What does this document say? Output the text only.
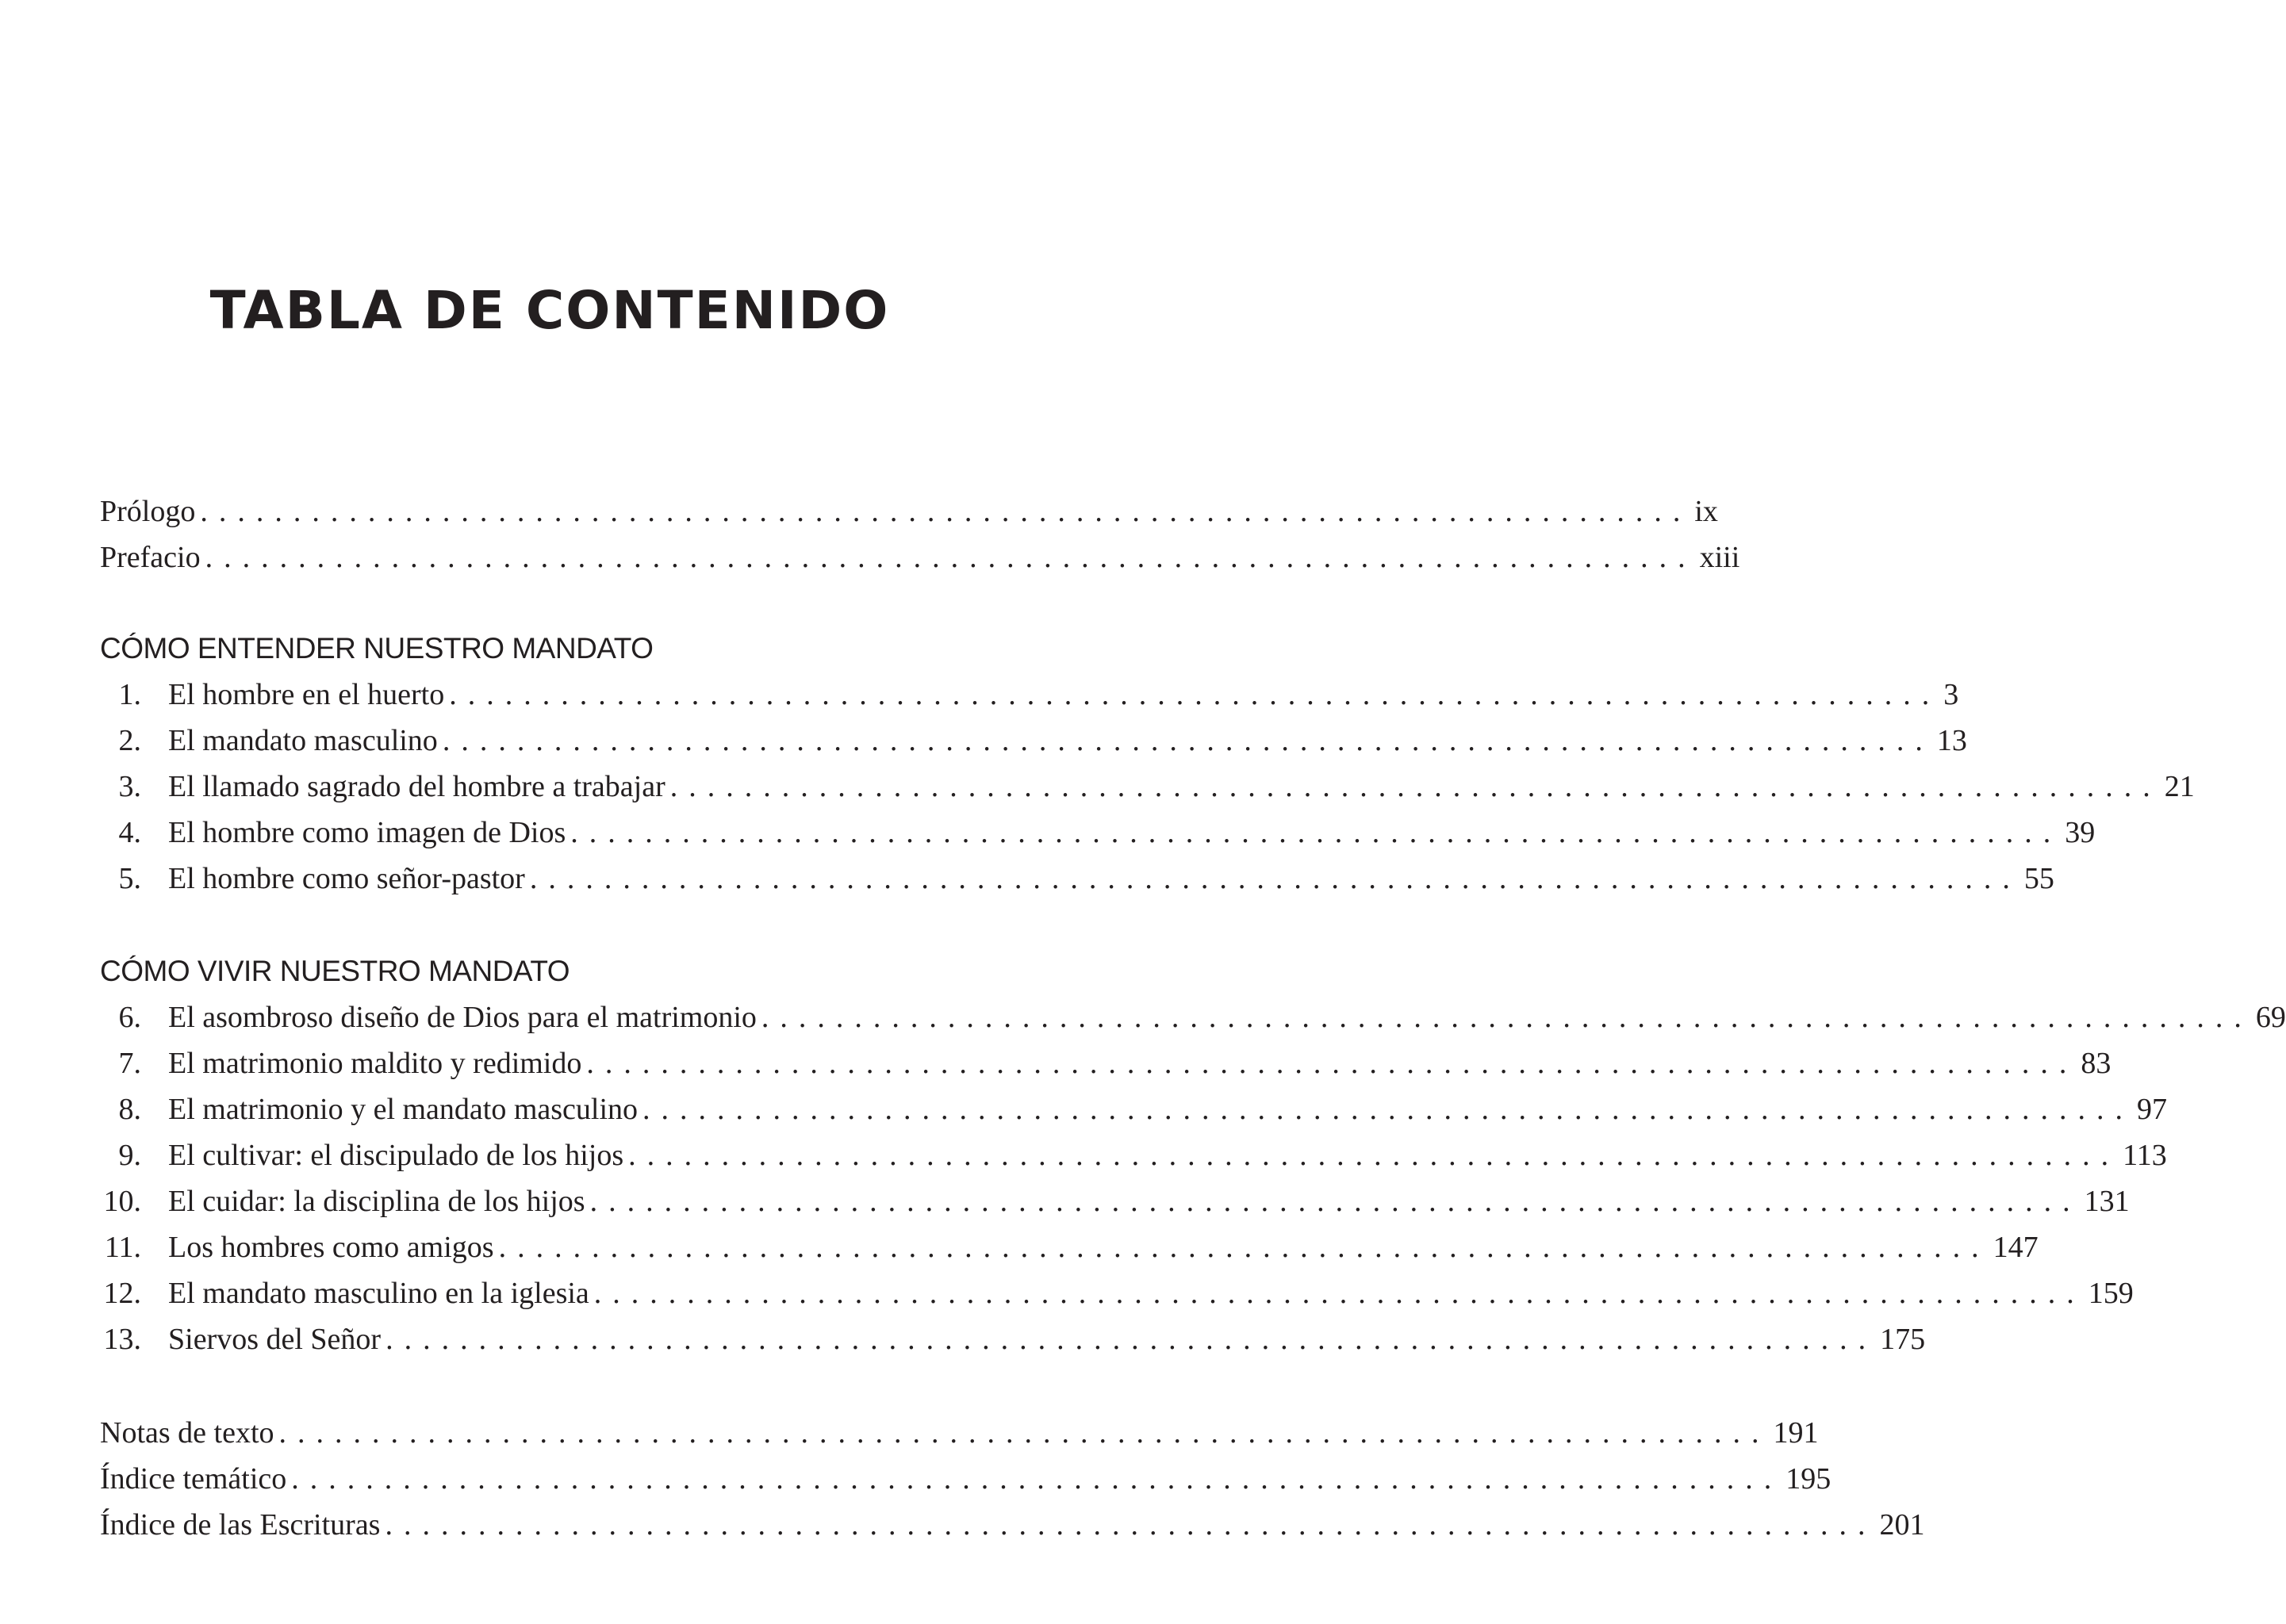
TABLA DE CONTENIDO
Prólogo ................................................................................ ix
Prefacio ................................................................................ xiii
CÓMO ENTENDER NUESTRO MANDATO
1. El hombre en el huerto ................................................................................ 3
2. El mandato masculino ................................................................................ 13
3. El llamado sagrado del hombre a trabajar ................................................................................ 21
4. El hombre como imagen de Dios ................................................................................ 39
5. El hombre como señor-pastor ................................................................................ 55
CÓMO VIVIR NUESTRO MANDATO
6. El asombroso diseño de Dios para el matrimonio ................................................................................ 69
7. El matrimonio maldito y redimido ................................................................................ 83
8. El matrimonio y el mandato masculino ................................................................................ 97
9. El cultivar: el discipulado de los hijos ................................................................................ 113
10. El cuidar: la disciplina de los hijos ................................................................................ 131
11. Los hombres como amigos ................................................................................ 147
12. El mandato masculino en la iglesia ................................................................................ 159
13. Siervos del Señor ................................................................................ 175
Notas de texto ................................................................................ 191
Índice temático ................................................................................ 195
Índice de las Escrituras ................................................................................ 201
